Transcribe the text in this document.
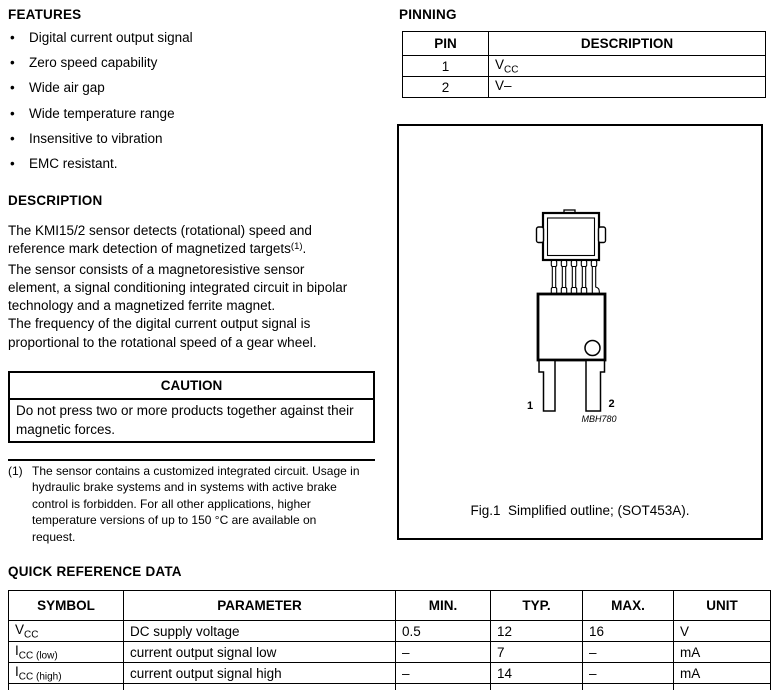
FEATURES
•
Digital current output signal
•
Zero speed capability
•
Wide air gap
•
Wide temperature range
•
Insensitive to vibration
•
EMC resistant.
DESCRIPTION
The KMI15/2 sensor detects (rotational) speed and
reference mark detection of magnetized targets$^{(1)}$.
The sensor consists of a magnetoresistive sensor
element, a signal conditioning integrated circuit in bipolar
technology and a magnetized ferrite magnet.
The frequency of the digital current output signal is
proportional to the rotational speed of a gear wheel.
CAUTION
Do not press two or more products together against their
magnetic forces.
(1) The sensor contains a customized integrated circuit. Usage in
hydraulic brake systems and in systems with active brake
control is forbidden. For all other applications, higher
temperature versions of up to 150 °C are available on
request.
PINNING
PIN	DESCRIPTION
1	$V_{CC}$
2	V–
1	2
MBH780
Fig.1  Simplified outline; (SOT453A).
QUICK REFERENCE DATA
SYMBOL	PARAMETER	MIN.	TYP.	MAX.	UNIT
$V_{CC}$	DC supply voltage	0.5	12	16	V
$I_{CC (low)}$	current output signal low	–	7	–	mA
$I_{CC (high)}$	current output signal high	–	14	–	mA
